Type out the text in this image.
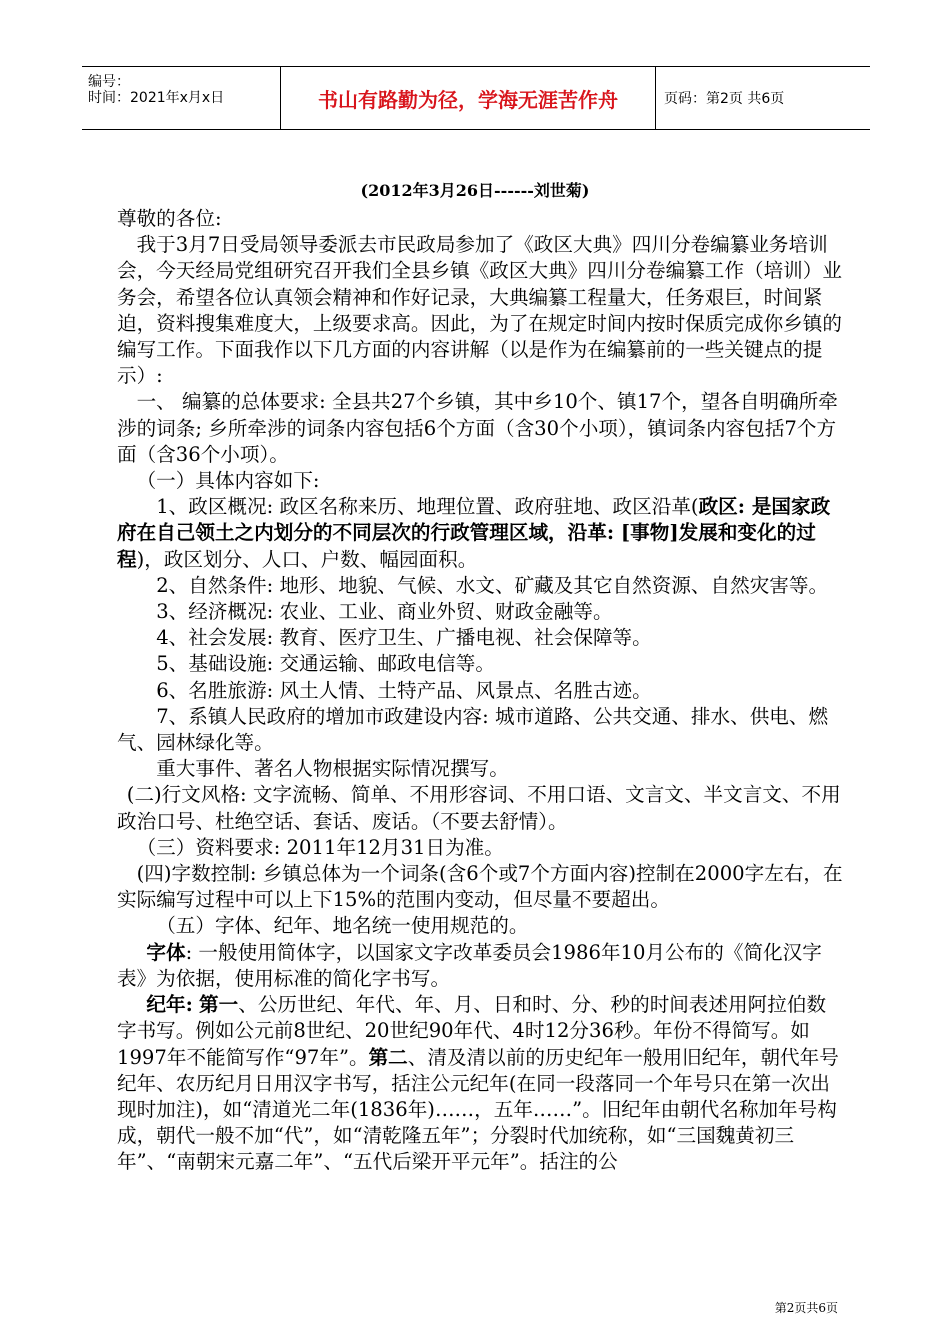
编号：
时间：2021年x月x日	书山有路勤为径，学海无涯苦作舟	页码：第2页 共6页
(2012年3月26日------刘世菊)

尊敬的各位:

我于3月7日受局领导委派去市民政局参加了《政区大典》四川分卷编纂业务培训会，今天经局党组研究召开我们全县乡镇《政区大典》四川分卷编纂工作（培训）业务会，希望各位认真领会精神和作好记录，大典编纂工程量大，任务艰巨，时间紧迫，资料搜集难度大，上级要求高。因此，为了在规定时间内按时保质完成你乡镇的编写工作。下面我作以下几方面的内容讲解（以是作为在编纂前的一些关键点的提示）:

一、 编纂的总体要求: 全县共27个乡镇，其中乡10个、镇17个，望各自明确所牵涉的词条; 乡所牵涉的词条内容包括6个方面（含30个小项），镇词条内容包括7个方面（含36个小项）。

（一）具体内容如下:

1、政区概况: 政区名称来历、地理位置、政府驻地、政区沿革(政区: 是国家政府在自己领土之内划分的不同层次的行政管理区域，沿革: [事物]发展和变化的过程)，政区划分、人口、户数、幅园面积。

2、自然条件: 地形、地貌、气候、水文、矿藏及其它自然资源、自然灾害等。

3、经济概况: 农业、工业、商业外贸、财政金融等。

4、社会发展: 教育、医疗卫生、广播电视、社会保障等。

5、基础设施: 交通运输、邮政电信等。

6、名胜旅游: 风土人情、土特产品、风景点、名胜古迹。

7、系镇人民政府的增加市政建设内容: 城市道路、公共交通、排水、供电、燃气、园林绿化等。

重大事件、著名人物根据实际情况撰写。

(二)行文风格: 文字流畅、简单、不用形容词、不用口语、文言文、半文言文、不用政治口号、杜绝空话、套话、废话。（不要去舒情）。

（三）资料要求: 2011年12月31日为准。

(四)字数控制: 乡镇总体为一个词条(含6个或7个方面内容)控制在2000字左右，在实际编写过程中可以上下15%的范围内变动，但尽量不要超出。

（五）字体、纪年、地名统一使用规范的。

字体: 一般使用简体字，以国家文字改革委员会1986年10月公布的《简化汉字表》为依据，使用标准的简化字书写。

纪年: 第一、公历世纪、年代、年、月、日和时、分、秒的时间表述用阿拉伯数字书写。例如公元前8世纪、20世纪90年代、4时12分36秒。年份不得简写。如1997年不能简写作“97年”。第二、清及清以前的历史纪年一般用旧纪年，朝代年号纪年、农历纪月日用汉字书写，括注公元纪年(在同一段落同一个年号只在第一次出现时加注)，如“清道光二年(1836年)……，五年……”。旧纪年由朝代名称加年号构成，朝代一般不加“代”，如“清乾隆五年”；分裂时代加统称，如“三国魏黄初三年”、“南朝宋元嘉二年”、“五代后梁开平元年”。括注的公

第2页共6页
